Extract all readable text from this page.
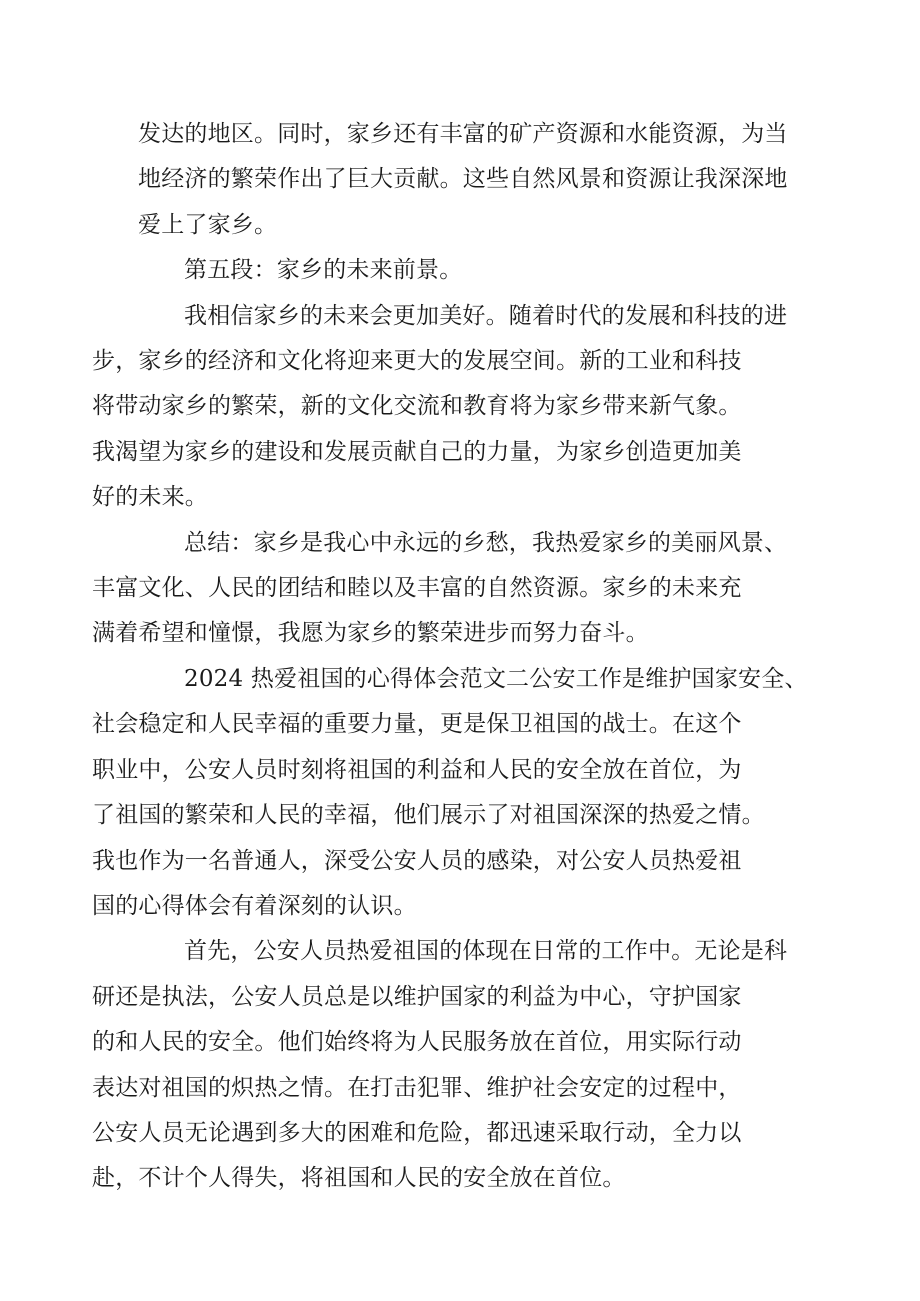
发达的地区。同时，家乡还有丰富的矿产资源和水能资源，为当
地经济的繁荣作出了巨大贡献。这些自然风景和资源让我深深地
爱上了家乡。

第五段：家乡的未来前景。

我相信家乡的未来会更加美好。随着时代的发展和科技的进
步，家乡的经济和文化将迎来更大的发展空间。新的工业和科技
将带动家乡的繁荣，新的文化交流和教育将为家乡带来新气象。
我渴望为家乡的建设和发展贡献自己的力量，为家乡创造更加美
好的未来。

总结：家乡是我心中永远的乡愁，我热爱家乡的美丽风景、
丰富文化、人民的团结和睦以及丰富的自然资源。家乡的未来充
满着希望和憧憬，我愿为家乡的繁荣进步而努力奋斗。

2024 热爱祖国的心得体会范文二公安工作是维护国家安全、
社会稳定和人民幸福的重要力量，更是保卫祖国的战士。在这个
职业中，公安人员时刻将祖国的利益和人民的安全放在首位，为
了祖国的繁荣和人民的幸福，他们展示了对祖国深深的热爱之情。
我也作为一名普通人，深受公安人员的感染，对公安人员热爱祖
国的心得体会有着深刻的认识。

首先，公安人员热爱祖国的体现在日常的工作中。无论是科
研还是执法，公安人员总是以维护国家的利益为中心，守护国家
的和人民的安全。他们始终将为人民服务放在首位，用实际行动
表达对祖国的炽热之情。在打击犯罪、维护社会安定的过程中，
公安人员无论遇到多大的困难和危险，都迅速采取行动，全力以
赴，不计个人得失，将祖国和人民的安全放在首位。
